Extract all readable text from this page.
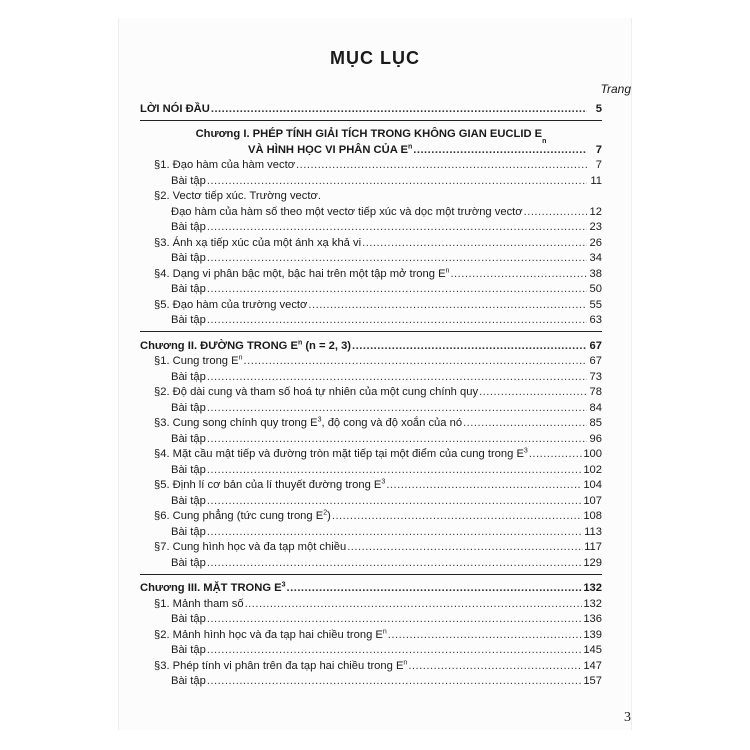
MỤC LỤC
Trang
LỜI NÓI ĐẦU .....	5
Chương I. PHÉP TÍNH GIẢI TÍCH TRONG KHÔNG GIAN EUCLID E
n
VÀ HÌNH HỌC VI PHÂN CỦA $E^n$ .....	7
§1. Đạo hàm của hàm vectơ .....	7
Bài tập .....	11
§2. Vectơ tiếp xúc. Trường vectơ.
Đạo hàm của hàm số theo một vectơ tiếp xúc và dọc một trường vectơ .....	12
Bài tập .....	23
§3. Ánh xạ tiếp xúc của một ánh xạ khả vi .....	26
Bài tập .....	34
§4. Dạng vi phân bậc một, bậc hai trên một tập mở trong $E^n$ .....	38
Bài tập .....	50
§5. Đạo hàm của trường vectơ .....	55
Bài tập .....	63
Chương II. ĐƯỜNG TRONG $E^n$ (n = 2, 3) .....	67
§1. Cung trong $E^n$ .....	67
Bài tập .....	73
§2. Độ dài cung và tham số hoá tự nhiên của một cung chính quy .....	78
Bài tập .....	84
§3. Cung song chính quy trong $E^3$, độ cong và độ xoắn của nó .....	85
Bài tập .....	96
§4. Mặt cầu mật tiếp và đường tròn mặt tiếp tại một điểm của cung trong $E^3$ .....	100
Bài tập .....	102
§5. Định lí cơ bản của lí thuyết đường trong $E^3$ .....	104
Bài tập .....	107
§6. Cung phẳng (tức cung trong $E^2$) .....	108
Bài tập .....	113
§7. Cung hình học và đa tạp một chiều .....	117
Bài tập .....	129
Chương III. MẶT TRONG $E^3$ .....	132
§1. Mảnh tham số .....	132
Bài tập .....	136
§2. Mảnh hình học và đa tạp hai chiều trong $E^n$ .....	139
Bài tập .....	145
§3. Phép tính vi phân trên đa tạp hai chiều trong $E^n$ .....	147
Bài tập .....	157
3
